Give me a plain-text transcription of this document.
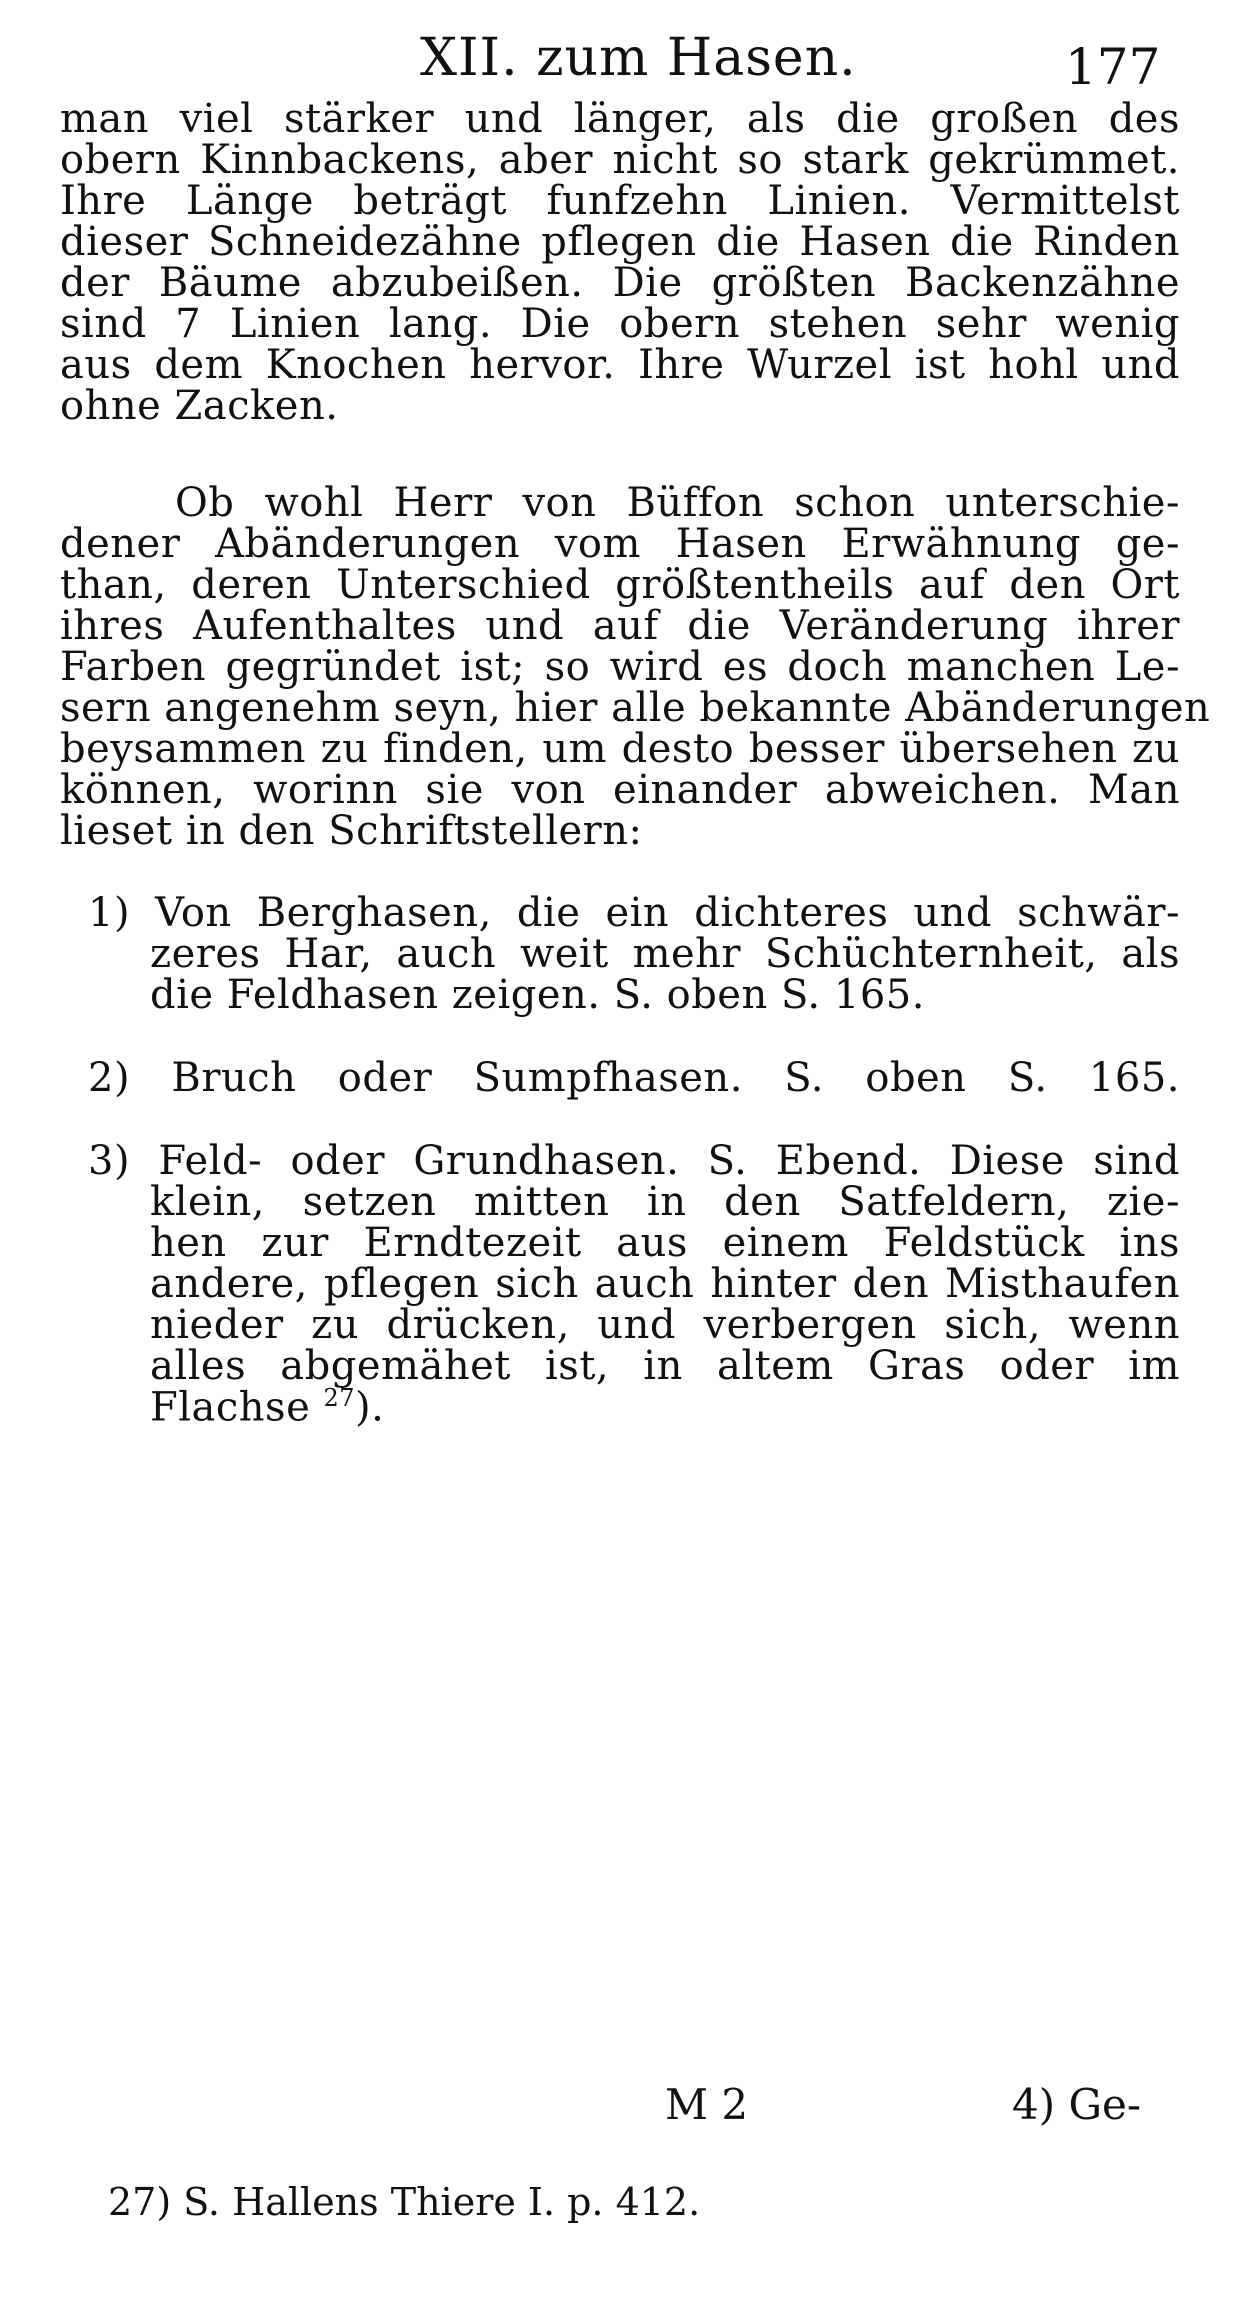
XII. zum Hasen.	177
man viel stärker und länger, als die großen des
obern Kinnbackens, aber nicht so stark gekrümmet.
Ihre Länge beträgt funfzehn Linien. Vermittelst
dieser Schneidezähne pflegen die Hasen die Rinden
der Bäume abzubeißen. Die größten Backenzähne
sind 7 Linien lang. Die obern stehen sehr wenig
aus dem Knochen hervor. Ihre Wurzel ist hohl und
ohne Zacken.
Ob wohl Herr von Büffon schon unterschie-
dener Abänderungen vom Hasen Erwähnung ge-
than, deren Unterschied größtentheils auf den Ort
ihres Aufenthaltes und auf die Veränderung ihrer
Farben gegründet ist; so wird es doch manchen Le-
sern angenehm seyn, hier alle bekannte Abänderungen
beysammen zu finden, um desto besser übersehen zu
können, worinn sie von einander abweichen. Man
lieset in den Schriftstellern:
1) Von Berghasen, die ein dichteres und schwär-
zeres Har, auch weit mehr Schüchternheit, als
die Feldhasen zeigen. S. oben S. 165.
2) Bruch oder Sumpfhasen. S. oben S. 165.
3) Feld- oder Grundhasen. S. Ebend. Diese sind
klein, setzen mitten in den Satfeldern, zie-
hen zur Erndtezeit aus einem Feldstück ins
andere, pflegen sich auch hinter den Misthaufen
nieder zu drücken, und verbergen sich, wenn
alles abgemähet ist, in altem Gras oder im
Flachse $^{27}$).
M 2	4) Ge-
27) S. Hallens Thiere I. p. 412.
